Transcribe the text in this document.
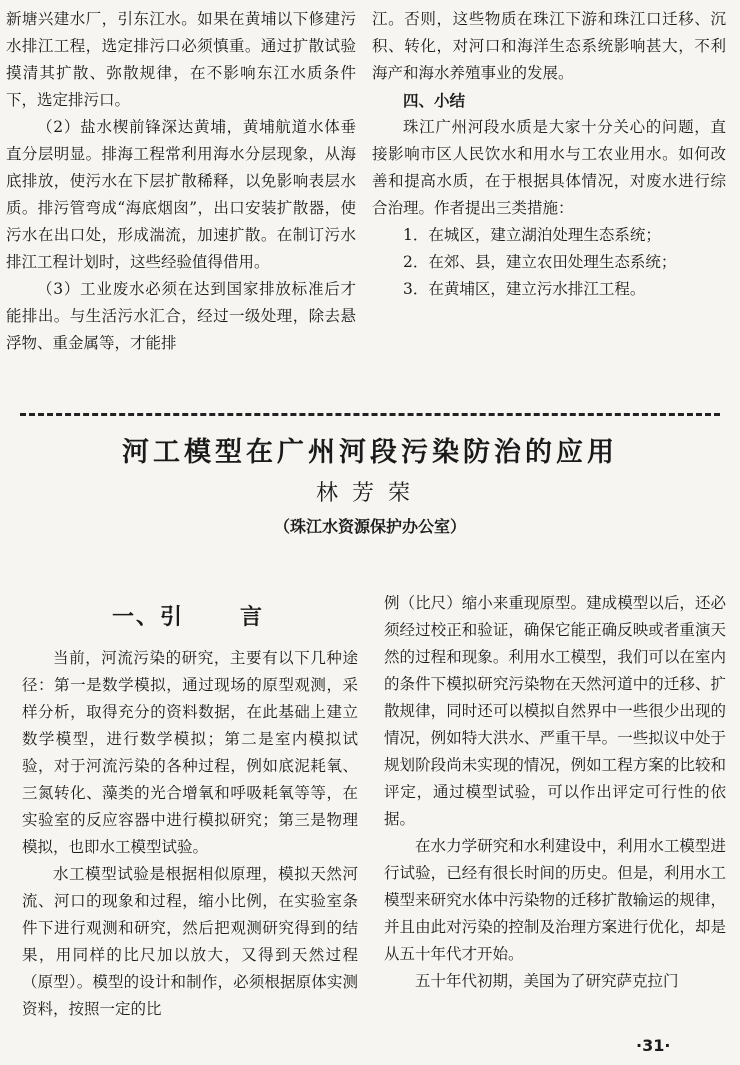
新塘兴建水厂，引东江水。如果在黄埔以下修建污水排江工程，选定排污口必须慎重。通过扩散试验摸清其扩散、弥散规律，在不影响东江水质条件下，选定排污口。

（2）盐水楔前锋深达黄埔，黄埔航道水体垂直分层明显。排海工程常利用海水分层现象，从海底排放，使污水在下层扩散稀释，以免影响表层水质。排污管弯成“海底烟囱”，出口安装扩散器，使污水在出口处，形成湍流，加速扩散。在制订污水排江工程计划时，这些经验值得借用。

（3）工业废水必须在达到国家排放标准后才能排出。与生活污水汇合，经过一级处理，除去悬浮物、重金属等，才能排

江。否则，这些物质在珠江下游和珠江口迁移、沉积、转化，对河口和海洋生态系统影响甚大，不利海产和海水养殖事业的发展。

四、小结

珠江广州河段水质是大家十分关心的问题，直接影响市区人民饮水和用水与工农业用水。如何改善和提高水质，在于根据具体情况，对废水进行综合治理。作者提出三类措施：

1．在城区，建立湖泊处理生态系统；

2．在郊、县，建立农田处理生态系统；

3．在黄埔区，建立污水排江工程。

河工模型在广州河段污染防治的应用
林芳荣
（珠江水资源保护办公室）
一、引	言

当前，河流污染的研究，主要有以下几种途径：第一是数学模拟，通过现场的原型观测，采样分析，取得充分的资料数据，在此基础上建立数学模型，进行数学模拟；第二是室内模拟试验，对于河流污染的各种过程，例如底泥耗氧、三氮转化、藻类的光合增氧和呼吸耗氧等等，在实验室的反应容器中进行模拟研究；第三是物理模拟，也即水工模型试验。

水工模型试验是根据相似原理，模拟天然河流、河口的现象和过程，缩小比例，在实验室条件下进行观测和研究，然后把观测研究得到的结果，用同样的比尺加以放大，又得到天然过程（原型）。模型的设计和制作，必须根据原体实测资料，按照一定的比

例（比尺）缩小来重现原型。建成模型以后，还必须经过校正和验证，确保它能正确反映或者重演天然的过程和现象。利用水工模型，我们可以在室内的条件下模拟研究污染物在天然河道中的迁移、扩散规律，同时还可以模拟自然界中一些很少出现的情况，例如特大洪水、严重干旱。一些拟议中处于规划阶段尚未实现的情况，例如工程方案的比较和评定，通过模型试验，可以作出评定可行性的依据。

在水力学研究和水利建设中，利用水工模型进行试验，已经有很长时间的历史。但是，利用水工模型来研究水体中污染物的迁移扩散输运的规律，并且由此对污染的控制及治理方案进行优化，却是从五十年代才开始。

五十年代初期，美国为了研究萨克拉门

·31·
